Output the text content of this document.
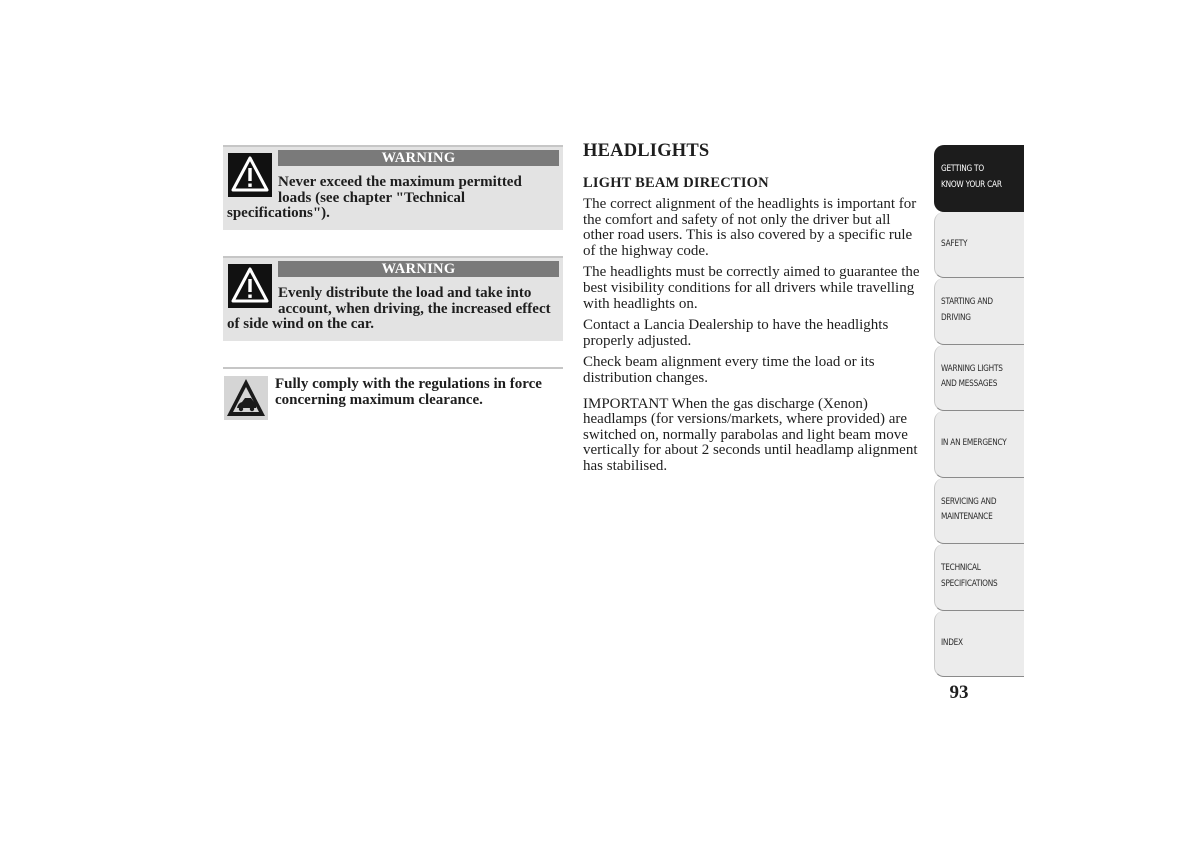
WARNING
Never exceed the maximum permitted loads (see chapter "Technical specifications").
WARNING
Evenly distribute the load and take into account, when driving, the increased effect of side wind on the car.
Fully comply with the regulations in force concerning maximum clearance.
HEADLIGHTS
LIGHT BEAM DIRECTION

The correct alignment of the headlights is important for the comfort and safety of not only the driver but all other road users. This is also covered by a specific rule of the highway code.

The headlights must be correctly aimed to guarantee the best visibility conditions for all drivers while travelling with headlights on.

Contact a Lancia Dealership to have the headlights properly adjusted.

Check beam alignment every time the load or its distribution changes.

IMPORTANT When the gas discharge (Xenon) headlamps (for versions/markets, where provided) are switched on, normally parabolas and light beam move vertically for about 2 seconds until headlamp alignment has stabilised.

GETTING TO
KNOW YOUR CAR
SAFETY
STARTING AND
DRIVING
WARNING LIGHTS
AND MESSAGES
IN AN EMERGENCY
SERVICING AND
MAINTENANCE
TECHNICAL
SPECIFICATIONS
INDEX
93
